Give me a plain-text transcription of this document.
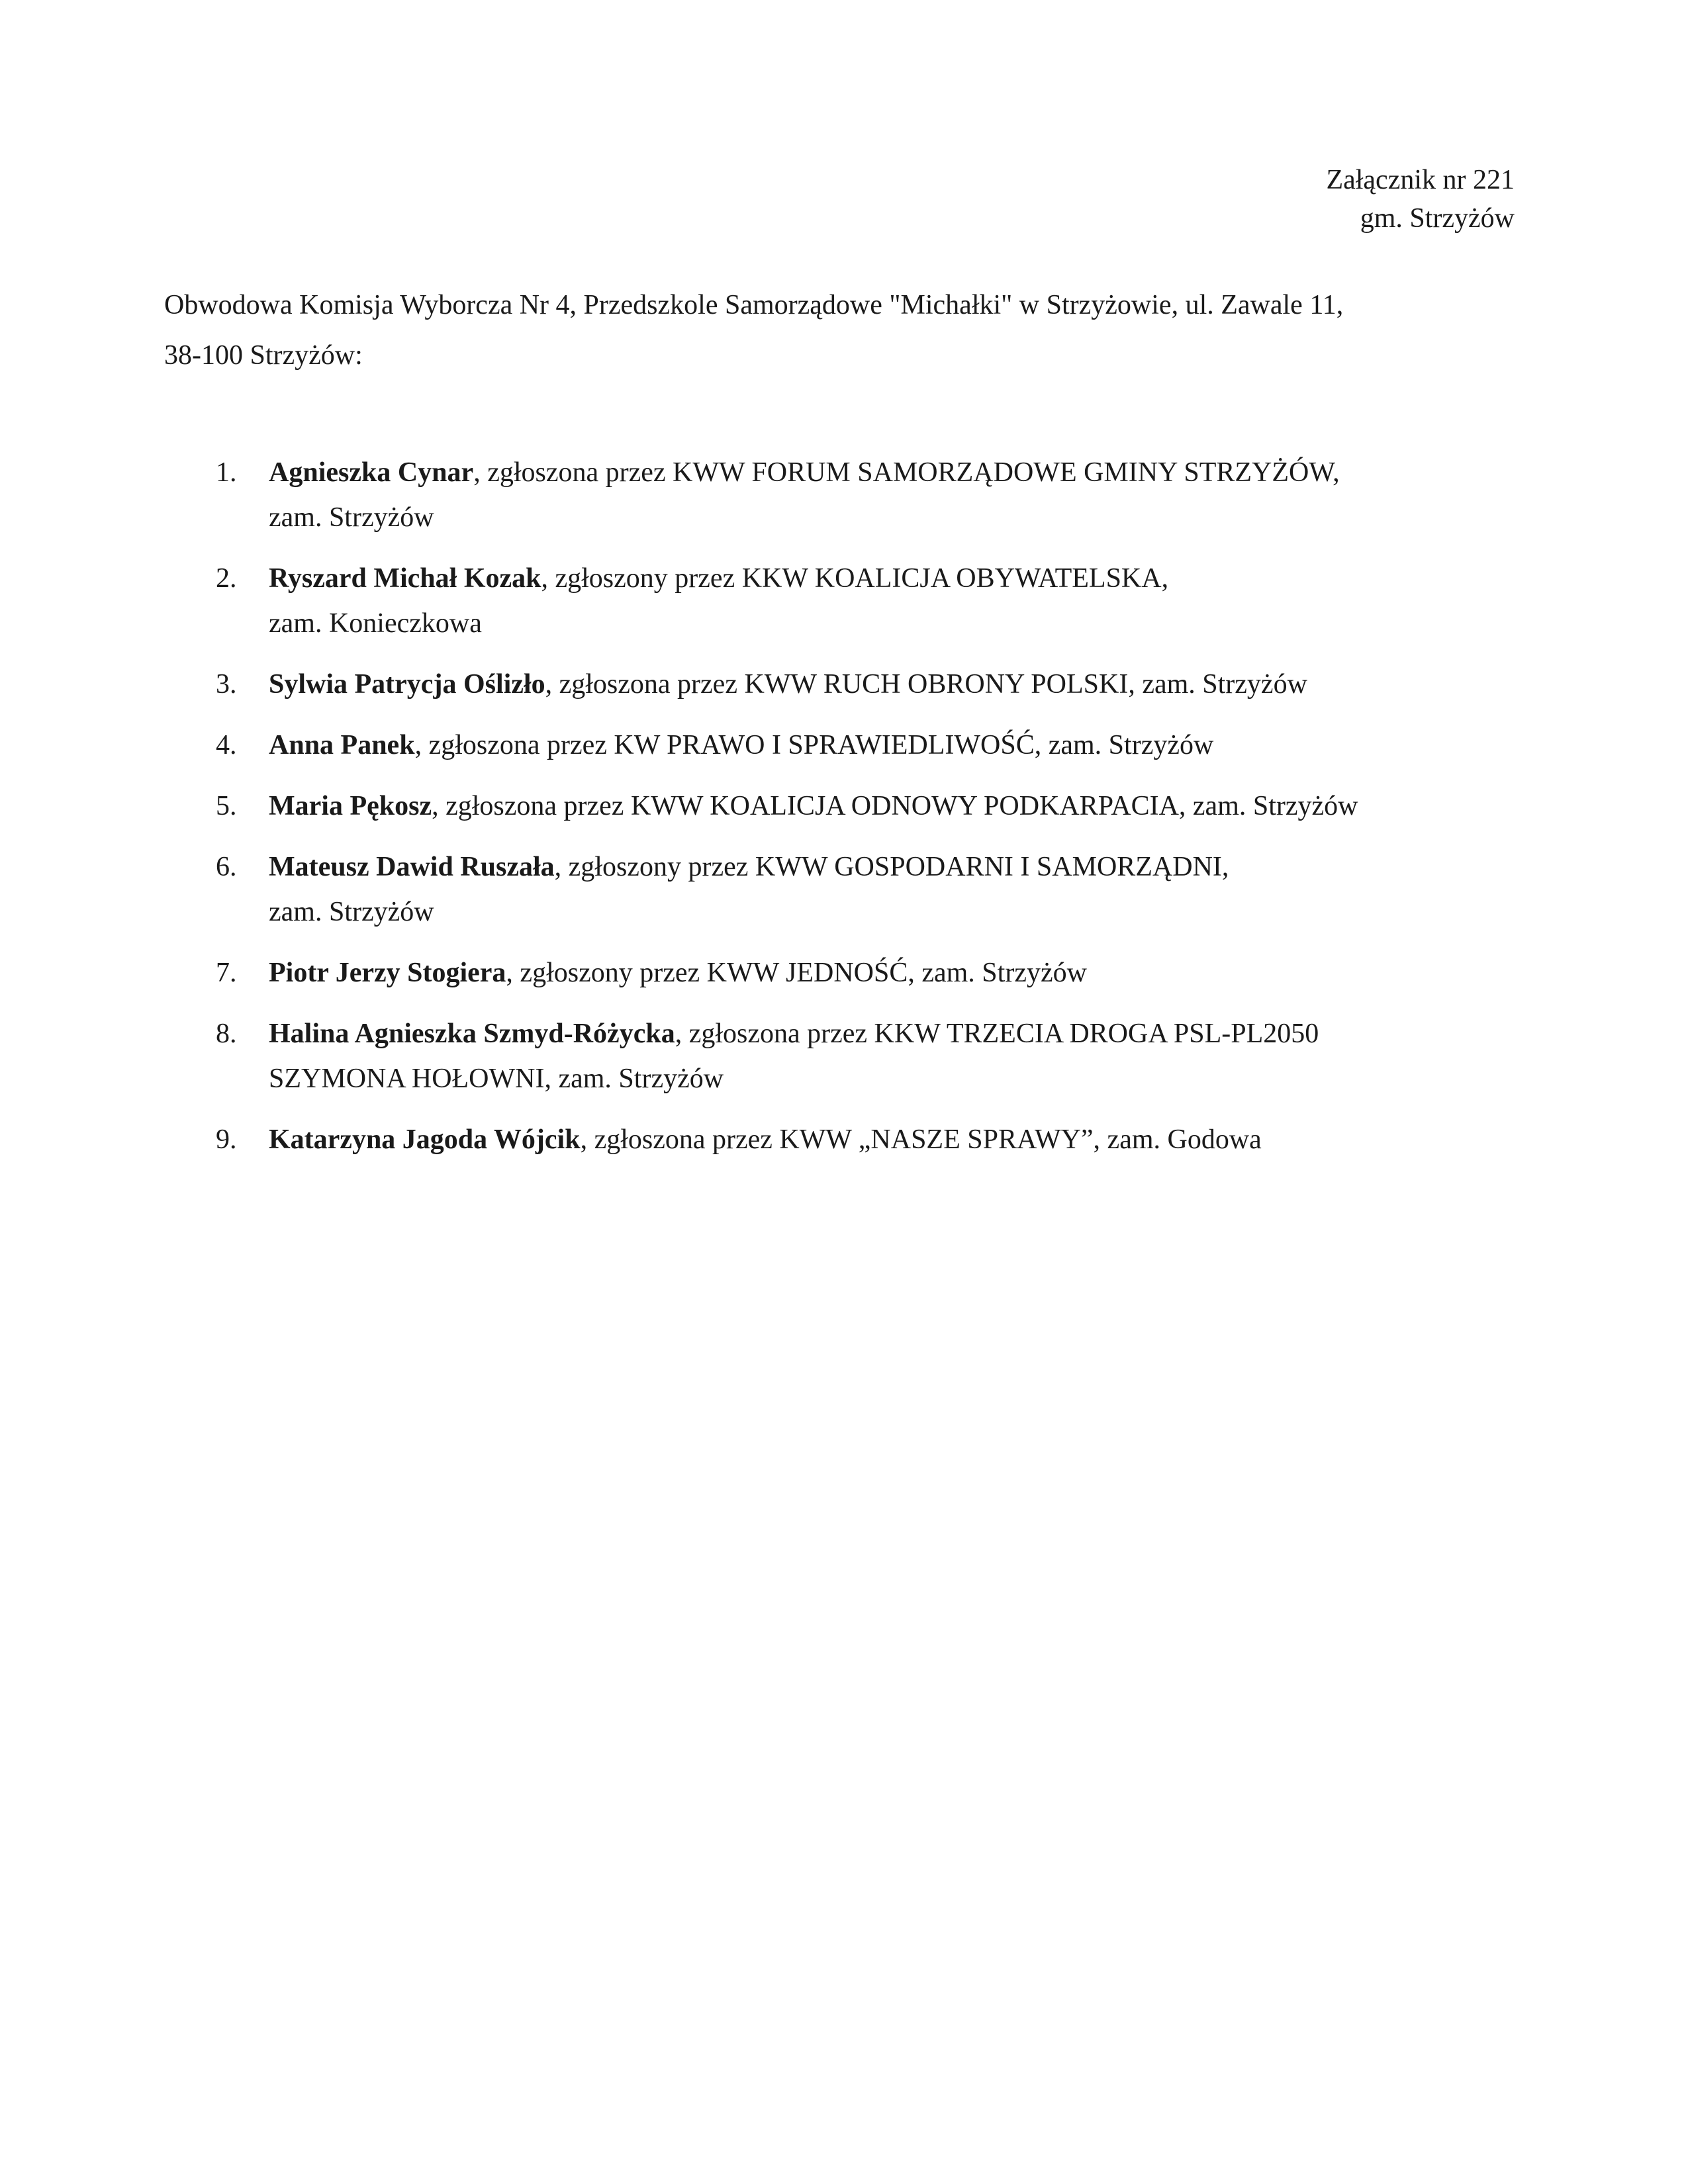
Załącznik nr 221
gm. Strzyżów
Obwodowa Komisja Wyborcza Nr 4, Przedszkole Samorządowe "Michałki" w Strzyżowie, ul. Zawale 11,
38-100 Strzyżów:
1. Agnieszka Cynar, zgłoszona przez KWW FORUM SAMORZĄDOWE GMINY STRZYŻÓW,
zam. Strzyżów
2. Ryszard Michał Kozak, zgłoszony przez KKW KOALICJA OBYWATELSKA,
zam. Konieczkowa
3. Sylwia Patrycja Oślizło, zgłoszona przez KWW RUCH OBRONY POLSKI, zam. Strzyżów
4. Anna Panek, zgłoszona przez KW PRAWO I SPRAWIEDLIWOŚĆ, zam. Strzyżów
5. Maria Pękosz, zgłoszona przez KWW KOALICJA ODNOWY PODKARPACIA, zam. Strzyżów
6. Mateusz Dawid Ruszała, zgłoszony przez KWW GOSPODARNI I SAMORZĄDNI,
zam. Strzyżów
7. Piotr Jerzy Stogiera, zgłoszony przez KWW JEDNOŚĆ, zam. Strzyżów
8. Halina Agnieszka Szmyd-Różycka, zgłoszona przez KKW TRZECIA DROGA PSL-PL2050
SZYMONA HOŁOWNI, zam. Strzyżów
9. Katarzyna Jagoda Wójcik, zgłoszona przez KWW „NASZE SPRAWY”, zam. Godowa
